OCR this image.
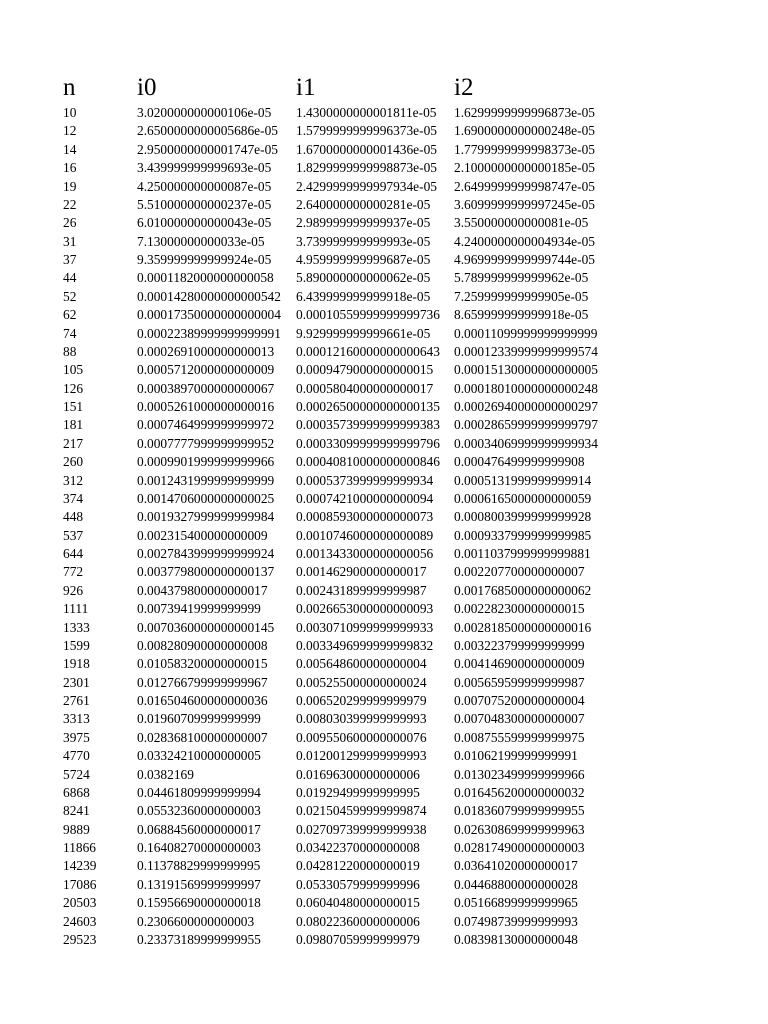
n	i0	i1	i2
10	3.020000000000106e-05	1.4300000000001811e-05	1.6299999999996873e-05
12	2.6500000000005686e-05	1.5799999999996373e-05	1.6900000000000248e-05
14	2.9500000000001747e-05	1.6700000000001436e-05	1.7799999999998373e-05
16	3.439999999999693e-05	1.8299999999998873e-05	2.1000000000000185e-05
19	4.250000000000087e-05	2.4299999999997934e-05	2.6499999999998747e-05
22	5.510000000000237e-05	2.640000000000281e-05	3.6099999999997245e-05
26	6.010000000000043e-05	2.989999999999937e-05	3.550000000000081e-05
31	7.13000000000033e-05	3.739999999999993e-05	4.2400000000004934e-05
37	9.359999999999924e-05	4.959999999999687e-05	4.9699999999999744e-05
44	0.0001182000000000058	5.890000000000062e-05	5.789999999999962e-05
52	0.00014280000000000542	6.439999999999918e-05	7.259999999999905e-05
62	0.00017350000000000004	0.00010559999999999736	8.659999999999918e-05
74	0.00022389999999999991	9.929999999999661e-05	0.00011099999999999999
88	0.0002691000000000013	0.00012160000000000643	0.00012339999999999574
105	0.0005712000000000009	0.0009479000000000015	0.00015130000000000005
126	0.0003897000000000067	0.0005804000000000017	0.00018010000000000248
151	0.0005261000000000016	0.00026500000000000135	0.00026940000000000297
181	0.0007464999999999972	0.00035739999999999383	0.00028659999999999797
217	0.0007777999999999952	0.00033099999999999796	0.00034069999999999934
260	0.0009901999999999966	0.00040810000000000846	0.000476499999999908
312	0.0012431999999999999	0.0005373999999999934	0.0005131999999999914
374	0.0014706000000000025	0.0007421000000000094	0.0006165000000000059
448	0.0019327999999999984	0.0008593000000000073	0.0008003999999999928
537	0.002315400000000009	0.0010746000000000089	0.0009337999999999985
644	0.0027843999999999924	0.0013433000000000056	0.0011037999999999881
772	0.0037798000000000137	0.001462900000000017	0.002207700000000007
926	0.004379800000000017	0.002431899999999987	0.0017685000000000062
1111	0.00739419999999999	0.0026653000000000093	0.002282300000000015
1333	0.0070360000000000145	0.0030710999999999933	0.0028185000000000016
1599	0.008280900000000008	0.0033496999999999832	0.003223799999999999
1918	0.010583200000000015	0.005648600000000004	0.004146900000000009
2301	0.012766799999999967	0.005255000000000024	0.005659599999999987
2761	0.016504600000000036	0.006520299999999979	0.007075200000000004
3313	0.01960709999999999	0.008030399999999993	0.007048300000000007
3975	0.028368100000000007	0.009550600000000076	0.008755599999999975
4770	0.03324210000000005	0.012001299999999993	0.01062199999999991
5724	0.0382169	0.01696300000000006	0.013023499999999966
6868	0.04461809999999994	0.01929499999999995	0.016456200000000032
8241	0.05532360000000003	0.021504599999999874	0.018360799999999955
9889	0.06884560000000017	0.027097399999999938	0.026308699999999963
11866	0.16408270000000003	0.03422370000000008	0.028174900000000003
14239	0.11378829999999995	0.04281220000000019	0.03641020000000017
17086	0.13191569999999997	0.05330579999999996	0.04468800000000028
20503	0.15956690000000018	0.06040480000000015	0.05166899999999965
24603	0.2306600000000003	0.08022360000000006	0.07498739999999993
29523	0.23373189999999955	0.09807059999999979	0.08398130000000048
